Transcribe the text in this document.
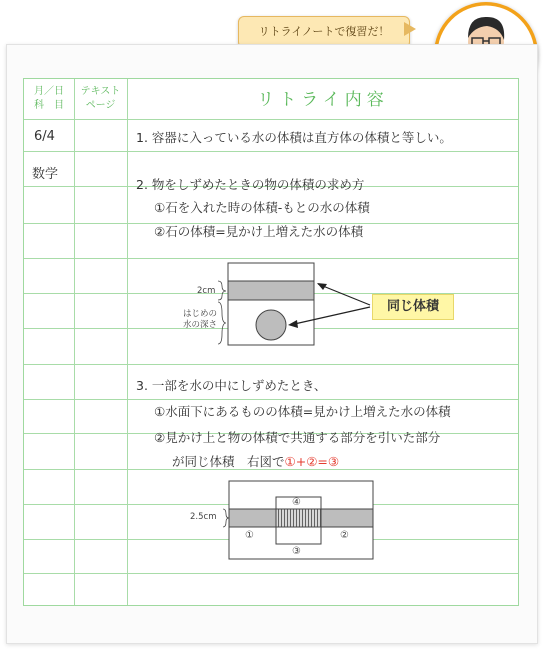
リトライノートで復習だ！
月／日
科　目
テキスト
ページ	リトライ内容
6/4
数学
1. 容器に入っている水の体積は直方体の体積と等しい。
2. 物をしずめたときの物の体積の求め方
①石を入れた時の体積-もとの水の体積
②石の体積=見かけ上増えた水の体積
3. 一部を水の中にしずめたとき、
①水面下にあるものの体積=見かけ上増えた水の体積
②見かけ上と物の体積で共通する部分を引いた部分
が同じ体積　右図で①+②=③
2cm
はじめの
水の深さ
同じ体積
2.5cm
④
①	②
③
